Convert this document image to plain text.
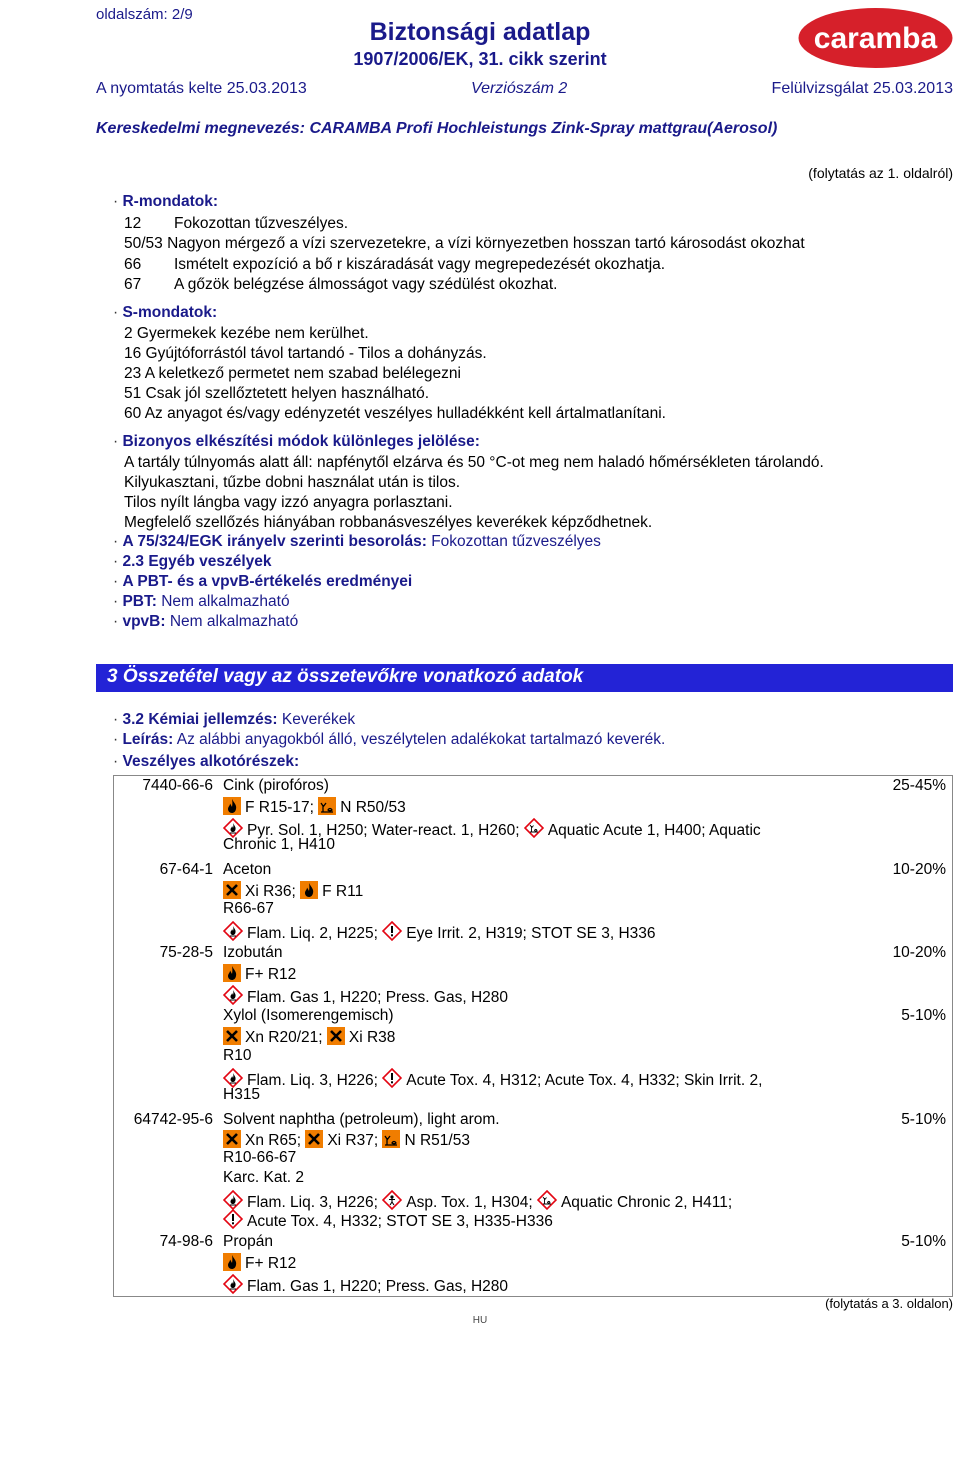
oldalszám: 2/9
Biztonsági adatlap
1907/2006/EK, 31. cikk szerint
caramba
A nyomtatás kelte 25.03.2013	Verziószám 2	Felülvizsgálat 25.03.2013
Kereskedelmi megnevezés: CARAMBA Profi Hochleistungs Zink-Spray mattgrau(Aerosol)
(folytatás az 1. oldalról)
· R-mondatok:
12 Fokozottan tűzveszélyes.
50/53 Nagyon mérgező a vízi szervezetekre, a vízi környezetben hosszan tartó károsodást okozhat
66 Ismételt expozíció a bő r kiszáradását vagy megrepedezését okozhatja.
67 A gőzök belégzése álmosságot vagy szédülést okozhat.
· S-mondatok:
2 Gyermekek kezébe nem kerülhet.
16 Gyújtóforrástól távol tartandó - Tilos a dohányzás.
23 A keletkező permetet nem szabad belélegezni
51 Csak jól szellőztetett helyen használható.
60 Az anyagot és/vagy edényzetét veszélyes hulladékként kell ártalmatlanítani.
· Bizonyos elkészítési módok különleges jelölése:
A tartály túlnyomás alatt áll: napfénytől elzárva és 50 °C-ot meg nem haladó hőmérsékleten tárolandó.
Kilyukasztani, tűzbe dobni használat után is tilos.
Tilos nyílt lángba vagy izzó anyagra porlasztani.
Megfelelő szellőzés hiányában robbanásveszélyes keverékek képződhetnek.
· A 75/324/EGK irányelv szerinti besorolás: Fokozottan tűzveszélyes
· 2.3 Egyéb veszélyek
· A PBT- és a vpvB-értékelés eredményei
· PBT: Nem alkalmazható
· vpvB: Nem alkalmazható
3 Összetétel vagy az összetevőkre vonatkozó adatok
· 3.2 Kémiai jellemzés: Keverékek
· Leírás: Az alábbi anyagokból álló, veszélytelen adalékokat tartalmazó keverék.
· Veszélyes alkotórészek:
7440-66-6 Cink (pirofóros)	25-45%
F R15-17; N R50/53
Pyr. Sol. 1, H250; Water-react. 1, H260; Aquatic Acute 1, H400; Aquatic
Chronic 1, H410
67-64-1 Aceton	10-20%
Xi R36; F R11
R66-67
Flam. Liq. 2, H225; Eye Irrit. 2, H319; STOT SE 3, H336
75-28-5 Izobután	10-20%
F+ R12
Flam. Gas 1, H220; Press. Gas, H280
Xylol (Isomerengemisch)	5-10%
Xn R20/21; Xi R38
R10
Flam. Liq. 3, H226; Acute Tox. 4, H312; Acute Tox. 4, H332; Skin Irrit. 2,
H315
64742-95-6 Solvent naphtha (petroleum), light arom.	5-10%
Xn R65; Xi R37; N R51/53
R10-66-67
Karc. Kat. 2
Flam. Liq. 3, H226; Asp. Tox. 1, H304; Aquatic Chronic 2, H411;
Acute Tox. 4, H332; STOT SE 3, H335-H336
74-98-6 Propán	5-10%
F+ R12
Flam. Gas 1, H220; Press. Gas, H280
(folytatás a 3. oldalon)
HU
